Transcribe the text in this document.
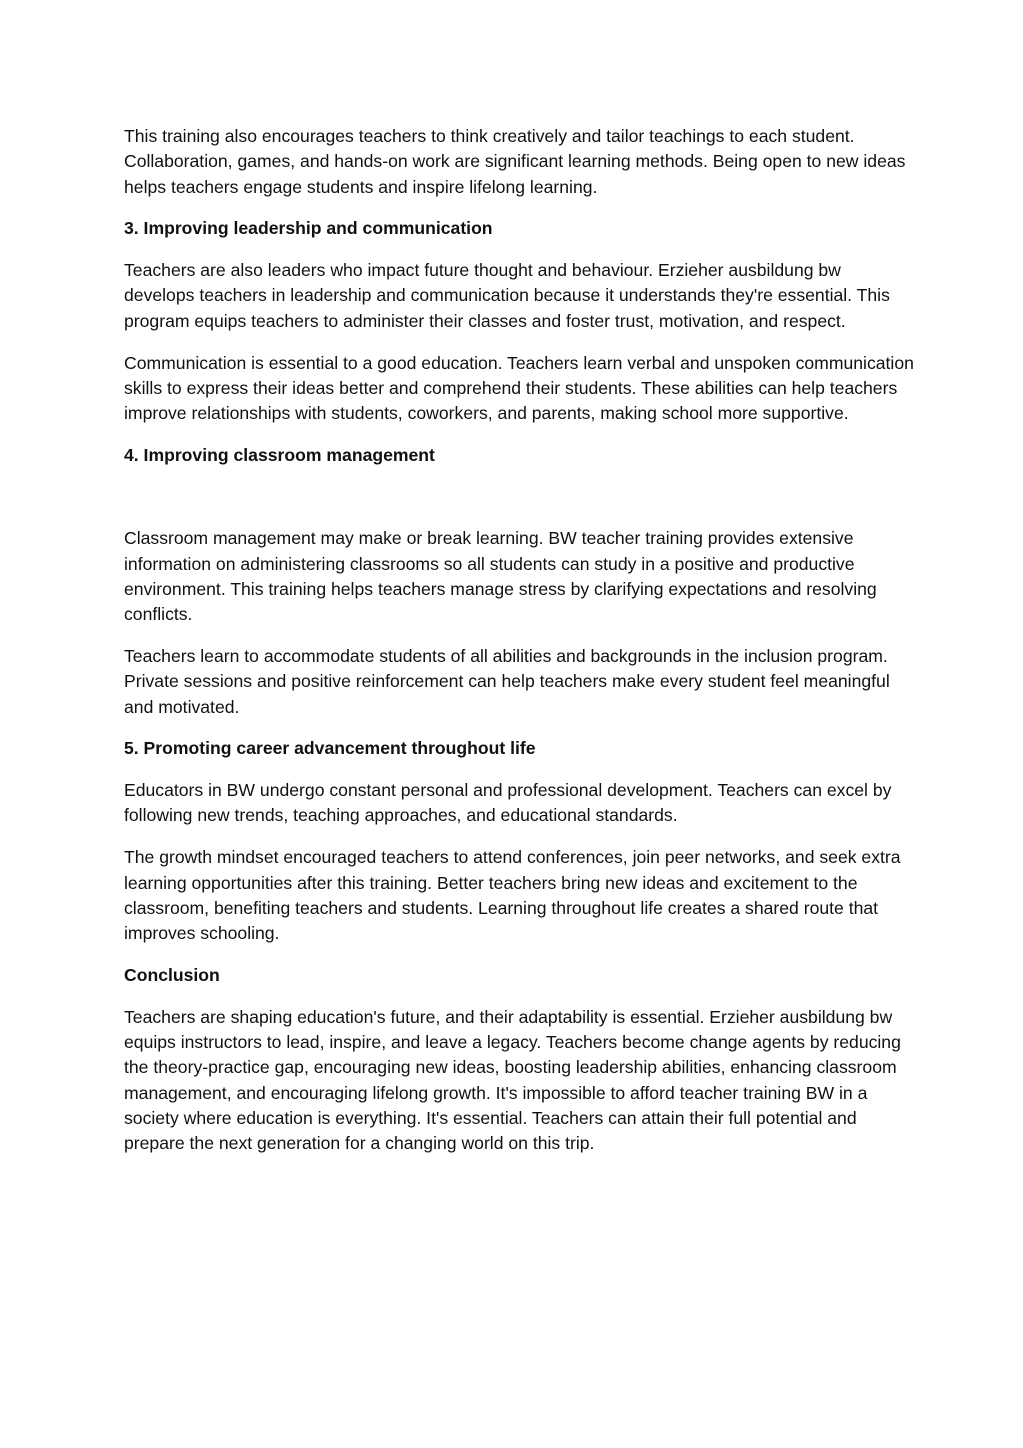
This training also encourages teachers to think creatively and tailor teachings to each student. Collaboration, games, and hands-on work are significant learning methods. Being open to new ideas helps teachers engage students and inspire lifelong learning.

3. Improving leadership and communication

Teachers are also leaders who impact future thought and behaviour. Erzieher ausbildung bw develops teachers in leadership and communication because it understands they're essential. This program equips teachers to administer their classes and foster trust, motivation, and respect.

Communication is essential to a good education. Teachers learn verbal and unspoken communication skills to express their ideas better and comprehend their students. These abilities can help teachers improve relationships with students, coworkers, and parents, making school more supportive.

4. Improving classroom management

Classroom management may make or break learning. BW teacher training provides extensive information on administering classrooms so all students can study in a positive and productive environment. This training helps teachers manage stress by clarifying expectations and resolving conflicts.

Teachers learn to accommodate students of all abilities and backgrounds in the inclusion program. Private sessions and positive reinforcement can help teachers make every student feel meaningful and motivated.

5. Promoting career advancement throughout life

Educators in BW undergo constant personal and professional development. Teachers can excel by following new trends, teaching approaches, and educational standards.

The growth mindset encouraged teachers to attend conferences, join peer networks, and seek extra learning opportunities after this training. Better teachers bring new ideas and excitement to the classroom, benefiting teachers and students. Learning throughout life creates a shared route that improves schooling.

Conclusion

Teachers are shaping education's future, and their adaptability is essential. Erzieher ausbildung bw equips instructors to lead, inspire, and leave a legacy. Teachers become change agents by reducing the theory-practice gap, encouraging new ideas, boosting leadership abilities, enhancing classroom management, and encouraging lifelong growth. It's impossible to afford teacher training BW in a society where education is everything. It's essential. Teachers can attain their full potential and prepare the next generation for a changing world on this trip.
